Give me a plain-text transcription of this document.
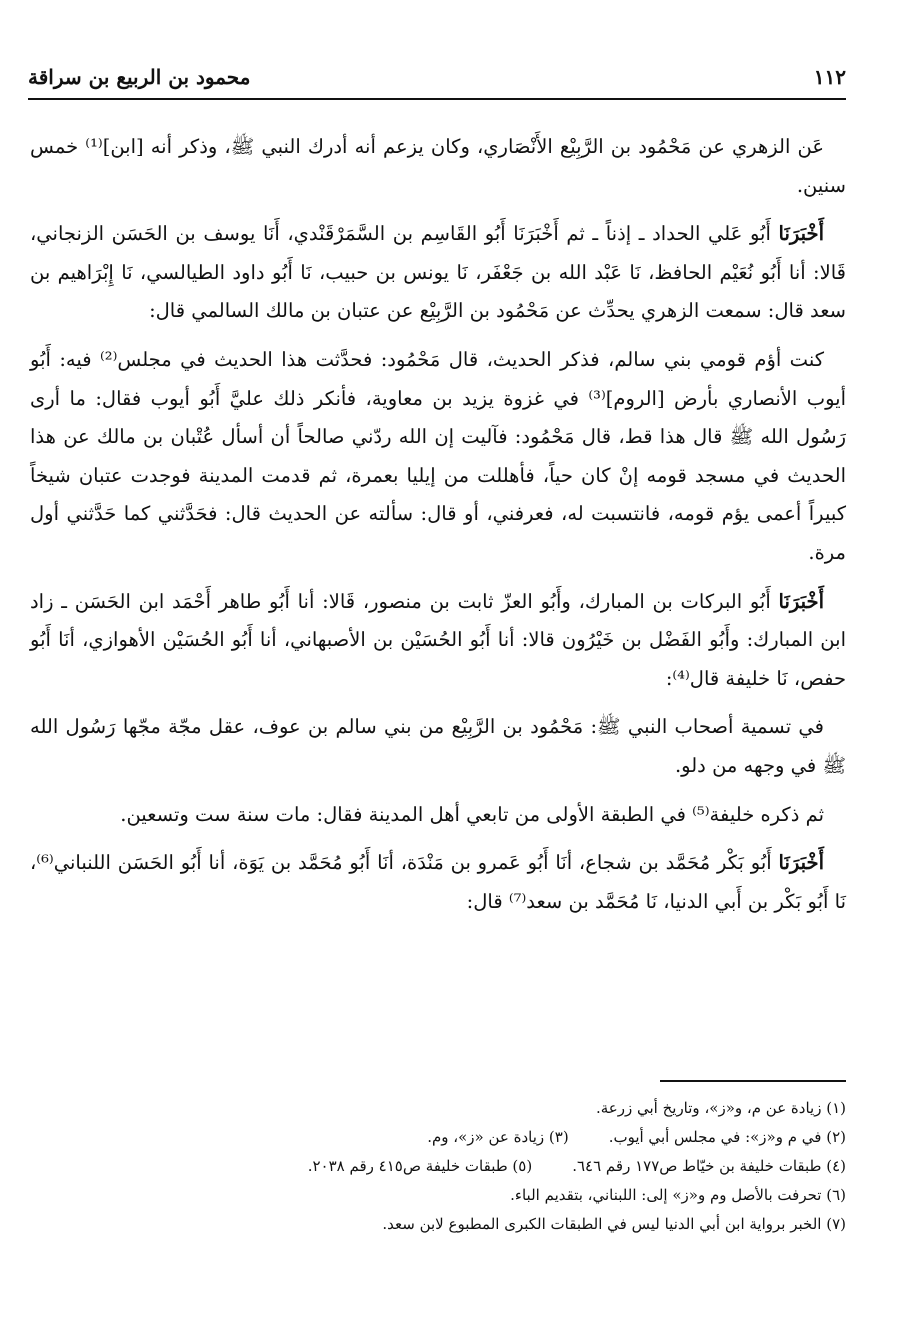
١١٢
محمود بن الربيع بن سراقة

عَن الزهري عن مَحْمُود بن الرَّبِيْع الأَنْصَاري، وكان يزعم أنه أدرك النبي ﷺ، وذكر أنه [ابن]⁽¹⁾ خمس سنين.

أَخْبَرَنَا أَبُو عَلي الحداد ـ إذناً ـ ثم أَخْبَرَنَا أَبُو القَاسِم بن السَّمَرْقَنْدي، أَنَا يوسف بن الحَسَن الزنجاني، قَالا: أنا أَبُو نُعَيْم الحافظ، نَا عَبْد الله بن جَعْفَر، نَا يونس بن حبيب، نَا أَبُو داود الطيالسي، نَا إِبْرَاهيم بن سعد قال: سمعت الزهري يحدِّث عن مَحْمُود بن الرَّبِيْع عن عتبان بن مالك السالمي قال:

كنت أؤم قومي بني سالم، فذكر الحديث، قال مَحْمُود: فحدَّثت هذا الحديث في مجلس⁽²⁾ فيه: أَبُو أيوب الأنصاري بأرض [الروم]⁽³⁾ في غزوة يزيد بن معاوية، فأنكر ذلك عليَّ أَبُو أيوب فقال: ما أرى رَسُول الله ﷺ قال هذا قط، قال مَحْمُود: فآليت إن الله ردّني صالحاً أن أسأل عُتْبان بن مالك عن هذا الحديث في مسجد قومه إنْ كان حياً، فأهللت من إيليا بعمرة، ثم قدمت المدينة فوجدت عتبان شيخاً كبيراً أعمى يؤم قومه، فانتسبت له، فعرفني، أو قال: سألته عن الحديث قال: فحَدَّثني كما حَدَّثني أول مرة.

أَخْبَرَنَا أَبُو البركات بن المبارك، وأَبُو العزّ ثابت بن منصور، قَالا: أنا أَبُو طاهر أَحْمَد ابن الحَسَن ـ زاد ابن المبارك: وأَبُو الفَضْل بن خَيْرُون قالا: أنا أَبُو الحُسَيْن بن الأصبهاني، أنا أَبُو الحُسَيْن الأهوازي، أنَا أَبُو حفص، نَا خليفة قال⁽⁴⁾:

في تسمية أصحاب النبي ﷺ: مَحْمُود بن الرَّبِيْع من بني سالم بن عوف، عقل مجّة مجّها رَسُول الله ﷺ في وجهه من دلو.

ثم ذكره خليفة⁽⁵⁾ في الطبقة الأولى من تابعي أهل المدينة فقال: مات سنة ست وتسعين.

أَخْبَرَنَا أَبُو بَكْر مُحَمَّد بن شجاع، أنَا أَبُو عَمرو بن مَنْدَة، أنَا أَبُو مُحَمَّد بن يَوَة، أنا أَبُو الحَسَن اللنباني⁽⁶⁾، نَا أَبُو بَكْر بن أَبي الدنيا، نَا مُحَمَّد بن سعد⁽⁷⁾ قال:

(١) زيادة عن م، و«ز»، وتاريخ أبي زرعة.
(٢) في م و«ز»: في مجلس أبي أيوب.
(٣) زيادة عن «ز»، وم.
(٤) طبقات خليفة بن خيّاط ص١٧٧ رقم ٦٤٦.
(٥) طبقات خليفة ص٤١٥ رقم ٢٠٣٨.
(٦) تحرفت بالأصل وم و«ز» إلى: اللبناني، بتقديم الباء.
(٧) الخبر برواية ابن أبي الدنيا ليس في الطبقات الكبرى المطبوع لابن سعد.
